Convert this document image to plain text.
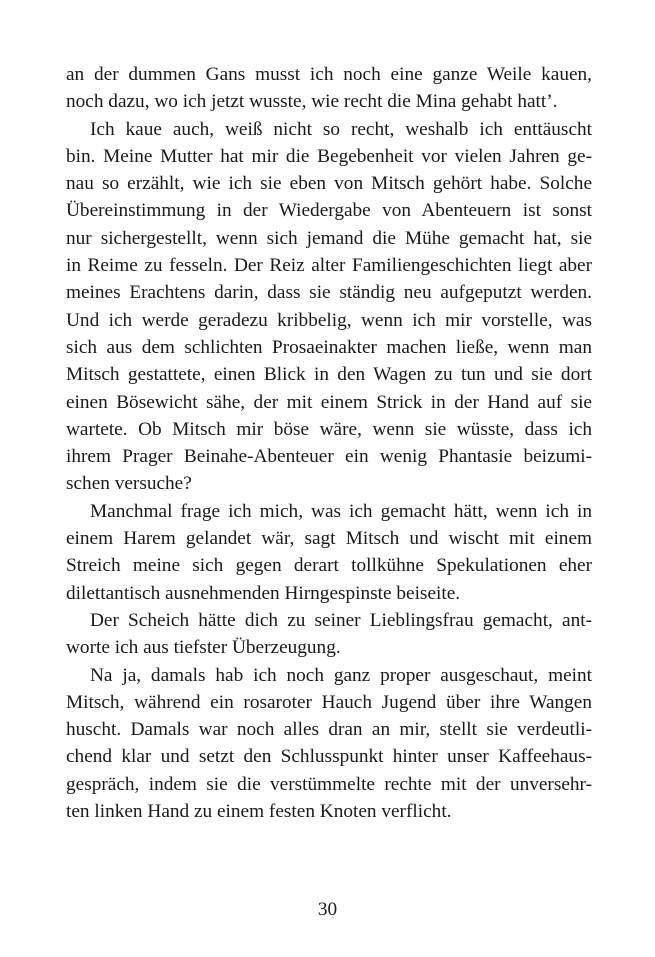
an der dummen Gans musst ich noch eine ganze Weile kauen,
noch dazu, wo ich jetzt wusste, wie recht die Mina gehabt hatt’.
Ich kaue auch, weiß nicht so recht, weshalb ich enttäuscht
bin. Meine Mutter hat mir die Begebenheit vor vielen Jahren ge-
nau so erzählt, wie ich sie eben von Mitsch gehört habe. Solche
Übereinstimmung in der Wiedergabe von Abenteuern ist sonst
nur sichergestellt, wenn sich jemand die Mühe gemacht hat, sie
in Reime zu fesseln. Der Reiz alter Familiengeschichten liegt aber
meines Erachtens darin, dass sie ständig neu aufgeputzt werden.
Und ich werde geradezu kribbelig, wenn ich mir vorstelle, was
sich aus dem schlichten Prosaeinakter machen ließe, wenn man
Mitsch gestattete, einen Blick in den Wagen zu tun und sie dort
einen Bösewicht sähe, der mit einem Strick in der Hand auf sie
wartete. Ob Mitsch mir böse wäre, wenn sie wüsste, dass ich
ihrem Prager Beinahe-Abenteuer ein wenig Phantasie beizumi-
schen versuche?
Manchmal frage ich mich, was ich gemacht hätt, wenn ich in
einem Harem gelandet wär, sagt Mitsch und wischt mit einem
Streich meine sich gegen derart tollkühne Spekulationen eher
dilettantisch ausnehmenden Hirngespinste beiseite.
Der Scheich hätte dich zu seiner Lieblingsfrau gemacht, ant-
worte ich aus tiefster Überzeugung.
Na ja, damals hab ich noch ganz proper ausgeschaut, meint
Mitsch, während ein rosaroter Hauch Jugend über ihre Wangen
huscht. Damals war noch alles dran an mir, stellt sie verdeutli-
chend klar und setzt den Schlusspunkt hinter unser Kaffeehaus-
gespräch, indem sie die verstümmelte rechte mit der unversehr-
ten linken Hand zu einem festen Knoten verflicht.
30
